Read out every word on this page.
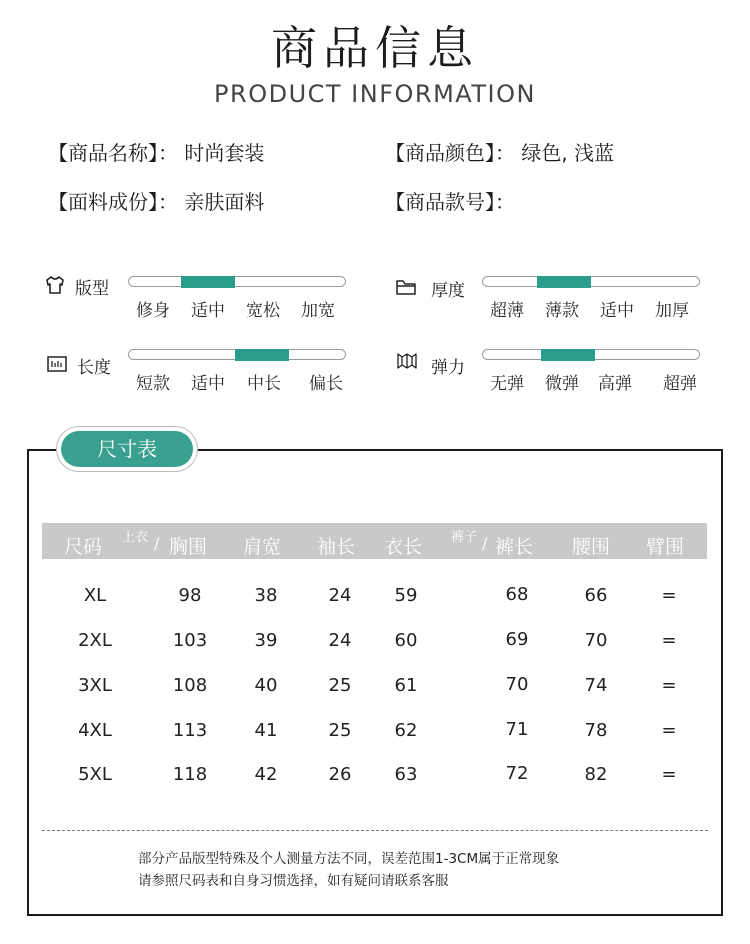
商品信息
PRODUCT INFORMATION
【商品名称】： 时尚套装	【商品颜色】： 绿色, 浅蓝
【面料成份】： 亲肤面料	【商品款号】：
版型
修身 适中 宽松 加宽
厚度
超薄 薄款 适中 加厚
长度
短款 适中 中长 偏长
弹力
无弹 微弹 高弹 超弹
尺寸表
尺码 上衣 ∕ 胸围 肩宽 袖长 衣长 裤子 ∕ 裤长 腰围 臂围
XL	98	38	24	59	68	66	=
2XL	103	39	24	60	69	70	=
3XL	108	40	25	61	70	74	=
4XL	113	41	25	62	71	78	=
5XL	118	42	26	63	72	82	=
部分产品版型特殊及个人测量方法不同，误差范围1-3CM属于正常现象
请参照尺码表和自身习惯选择，如有疑问请联系客服
